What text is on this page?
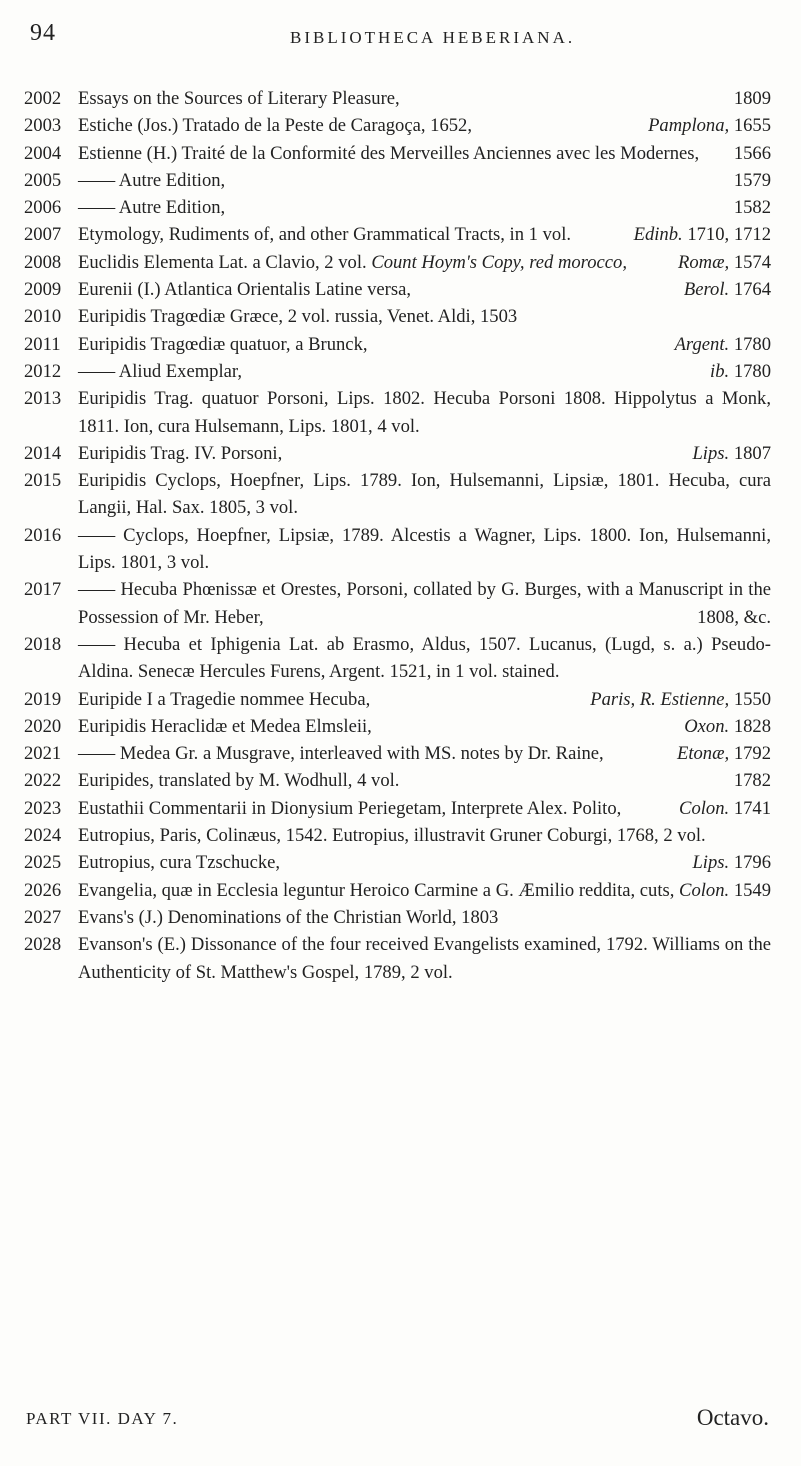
94	BIBLIOTHECA HEBERIANA.
2002 Essays on the Sources of Literary Pleasure,	1809
2003 Estiche (Jos.) Tratado de la Peste de Caragoça, 1652,	Pamplona, 1655
2004 Estienne (H.) Traité de la Conformité des Merveilles Anciennes avec les Modernes, 1566
2005 —— Autre Edition,	1579
2006 —— Autre Edition,	1582
2007 Etymology, Rudiments of, and other Grammatical Tracts, in 1 vol.	Edinb. 1710, 1712
2008 Euclidis Elementa Lat. a Clavio, 2 vol. Count Hoym's Copy, red morocco,	Romæ, 1574
2009 Eurenii (I.) Atlantica Orientalis Latine versa,	Berol. 1764
2010 Euripidis Tragœdiæ Græce, 2 vol. russia, Venet. Aldi, 1503
2011 Euripidis Tragœdiæ quatuor, a Brunck,	Argent. 1780
2012 —— Aliud Exemplar,	ib. 1780
2013 Euripidis Trag. quatuor Porsoni, Lips. 1802. Hecuba Porsoni 1808. Hippolytus a Monk, 1811. Ion, cura Hulsemann, Lips. 1801, 4 vol.
2014 Euripidis Trag. IV. Porsoni,	Lips. 1807
2015 Euripidis Cyclops, Hoepfner, Lips. 1789. Ion, Hulsemanni, Lipsiæ, 1801. Hecuba, cura Langii, Hal. Sax. 1805, 3 vol.
2016 —— Cyclops, Hoepfner, Lipsiæ, 1789. Alcestis a Wagner, Lips. 1800. Ion, Hulsemanni, Lips. 1801, 3 vol.
2017 —— Hecuba Phœnissæ et Orestes, Porsoni, collated by G. Burges, with a Manuscript in the Possession of Mr. Heber,	1808, &c.
2018 —— Hecuba et Iphigenia Lat. ab Erasmo, Aldus, 1507. Lucanus, (Lugd, s. a.) Pseudo-Aldina. Senecæ Hercules Furens, Argent. 1521, in 1 vol. stained.
2019 Euripide I a Tragedie nommee Hecuba,	Paris, R. Estienne, 1550
2020 Euripidis Heraclidæ et Medea Elmsleii,	Oxon. 1828
2021 —— Medea Gr. a Musgrave, interleaved with MS. notes by Dr. Raine,	Etonæ, 1792
2022 Euripides, translated by M. Wodhull, 4 vol.	1782
2023 Eustathii Commentarii in Dionysium Periegetam, Interprete Alex. Polito,	Colon. 1741
2024 Eutropius, Paris, Colinæus, 1542. Eutropius, illustravit Gruner Coburgi, 1768, 2 vol.
2025 Eutropius, cura Tzschucke,	Lips. 1796
2026 Evangelia, quæ in Ecclesia leguntur Heroico Carmine a G. Æmilio reddita, cuts, Colon. 1549
2027 Evans's (J.) Denominations of the Christian World, 1803
2028 Evanson's (E.) Dissonance of the four received Evangelists examined, 1792. Williams on the Authenticity of St. Matthew's Gospel, 1789, 2 vol.
PART VII. DAY 7.	Octavo.
